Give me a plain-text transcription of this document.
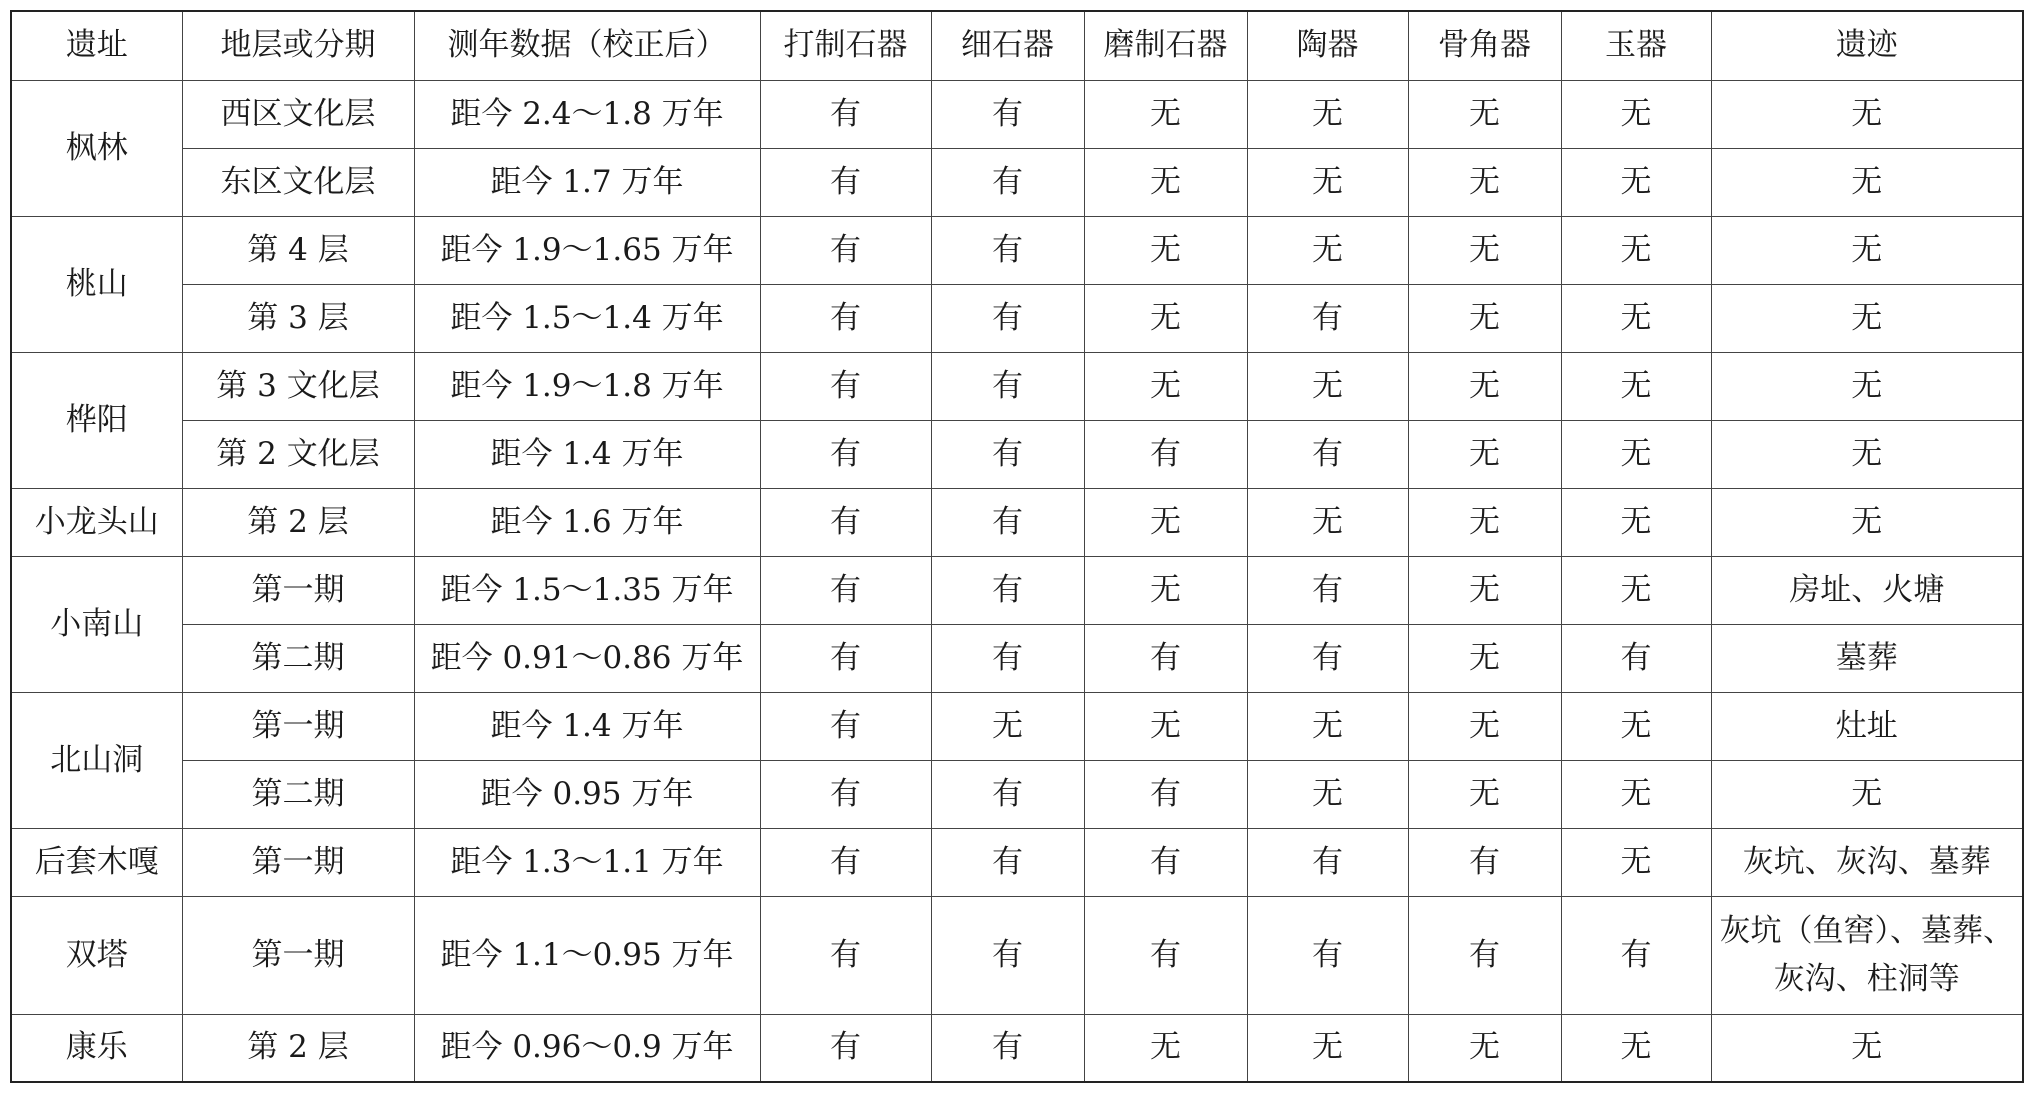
遗址	地层或分期	测年数据（校正后）	打制石器	细石器	磨制石器	陶器	骨角器	玉器	遗迹
枫林	西区文化层	距今 2.4～1.8 万年	有	有	无	无	无	无	无
	东区文化层	距今 1.7 万年	有	有	无	无	无	无	无
桃山	第 4 层	距今 1.9～1.65 万年	有	有	无	无	无	无	无
	第 3 层	距今 1.5～1.4 万年	有	有	无	有	无	无	无
桦阳	第 3 文化层	距今 1.9～1.8 万年	有	有	无	无	无	无	无
	第 2 文化层	距今 1.4 万年	有	有	有	有	无	无	无
小龙头山	第 2 层	距今 1.6 万年	有	有	无	无	无	无	无
小南山	第一期	距今 1.5～1.35 万年	有	有	无	有	无	无	房址、火塘
	第二期	距今 0.91～0.86 万年	有	有	有	有	无	有	墓葬
北山洞	第一期	距今 1.4 万年	有	无	无	无	无	无	灶址
	第二期	距今 0.95 万年	有	有	有	无	无	无	无
后套木嘎	第一期	距今 1.3～1.1 万年	有	有	有	有	有	无	灰坑、灰沟、墓葬
双塔	第一期	距今 1.1～0.95 万年	有	有	有	有	有	有	灰坑（鱼窖）、墓葬、灰沟、柱洞等
康乐	第 2 层	距今 0.96～0.9 万年	有	有	无	无	无	无	无
